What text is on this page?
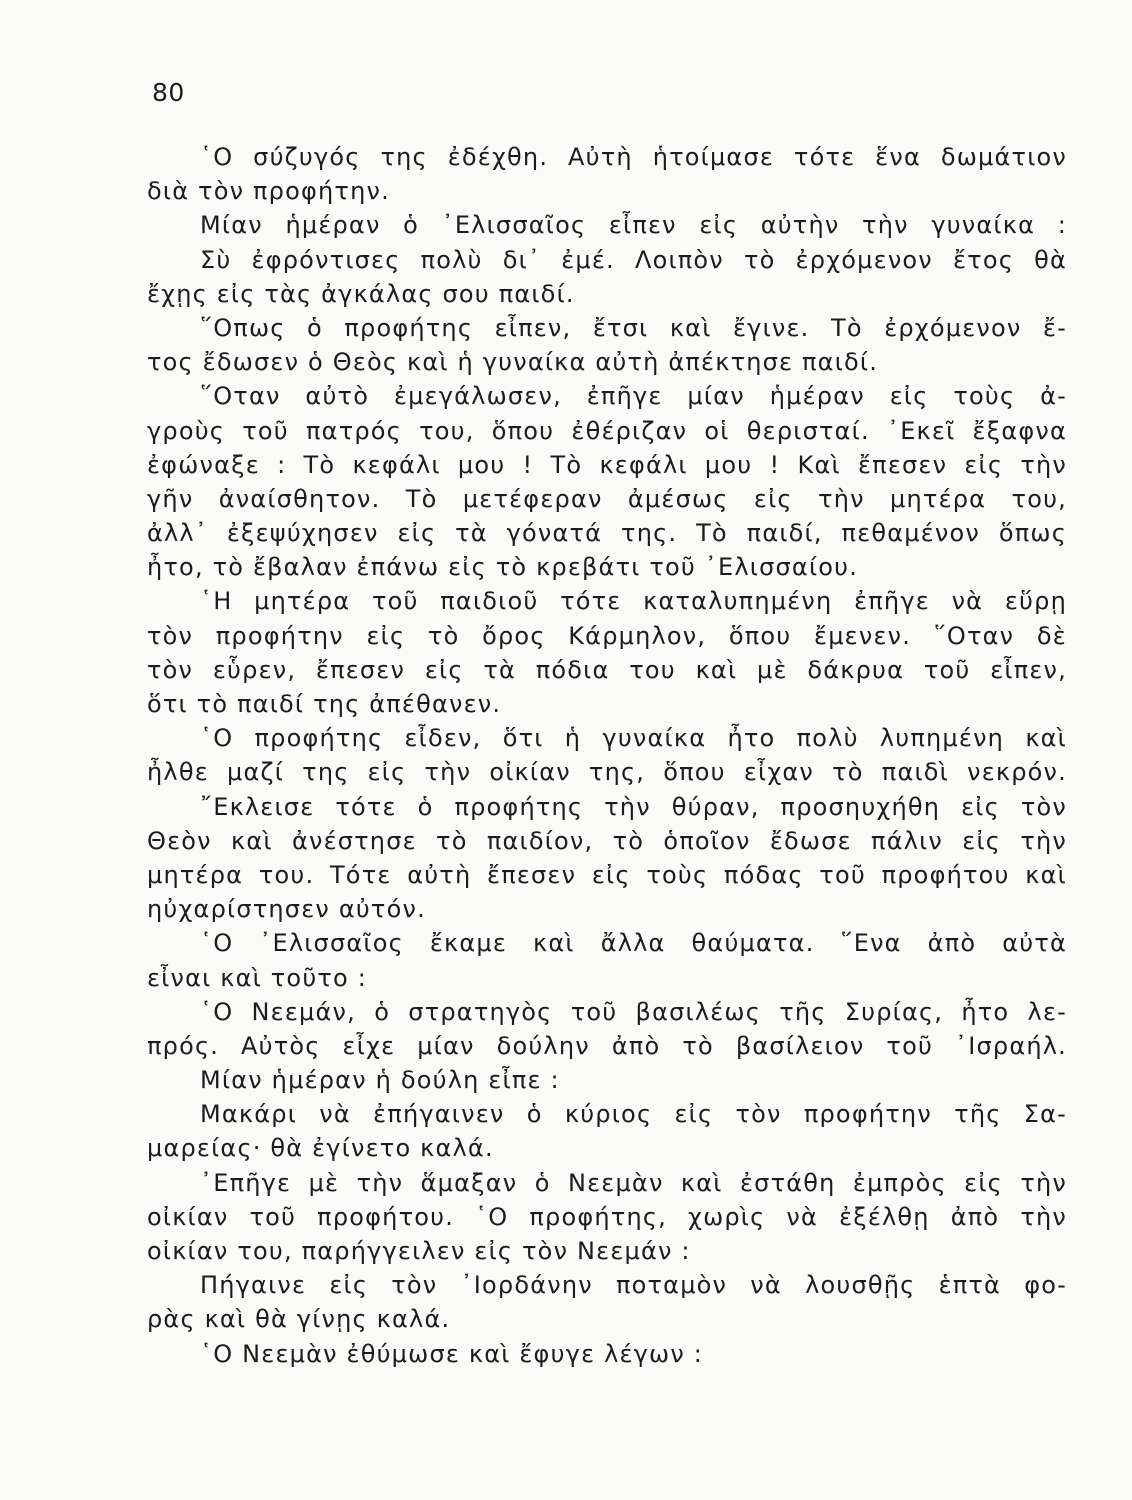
80
῾Ο σύζυγός της ἐδέχθη. Αὐτὴ ἡτοίμασε τότε ἕνα δωμάτιον
διὰ τὸν προφήτην.
Μίαν ἡμέραν ὁ ᾽Ελισσαῖος εἶπεν εἰς αὐτὴν τὴν γυναίκα :
Σὺ ἐφρόντισες πολὺ δι᾽ ἐμέ. Λοιπὸν τὸ ἐρχόμενον ἔτος θὰ
ἔχῃς εἰς τὰς ἀγκάλας σου παιδί.
῞Οπως ὁ προφήτης εἶπεν, ἔτσι καὶ ἔγινε. Τὸ ἐρχόμενον ἔ-
τος ἔδωσεν ὁ Θεὸς καὶ ἡ γυναίκα αὐτὴ ἀπέκτησε παιδί.
῞Οταν αὐτὸ ἐμεγάλωσεν, ἐπῆγε μίαν ἡμέραν εἰς τοὺς ἀ-
γροὺς τοῦ πατρός του, ὅπου ἐθέριζαν οἱ θερισταί. ᾽Εκεῖ ἔξαφνα
ἐφώναξε : Τὸ κεφάλι μου ! Τὸ κεφάλι μου ! Καὶ ἔπεσεν εἰς τὴν
γῆν ἀναίσθητον. Τὸ μετέφεραν ἀμέσως εἰς τὴν μητέρα του,
ἀλλ᾽ ἐξεψύχησεν εἰς τὰ γόνατά της. Τὸ παιδί, πεθαμένον ὅπως
ἦτο, τὸ ἔβαλαν ἐπάνω εἰς τὸ κρεβάτι τοῦ ᾽Ελισσαίου.
῾Η μητέρα τοῦ παιδιοῦ τότε καταλυπημένη ἐπῆγε νὰ εὕρῃ
τὸν προφήτην εἰς τὸ ὄρος Κάρμηλον, ὅπου ἔμενεν. ῞Οταν δὲ
τὸν εὗρεν, ἔπεσεν εἰς τὰ πόδια του καὶ μὲ δάκρυα τοῦ εἶπεν,
ὅτι τὸ παιδί της ἀπέθανεν.
῾Ο προφήτης εἶδεν, ὅτι ἡ γυναίκα ἦτο πολὺ λυπημένη καὶ
ἦλθε μαζί της εἰς τὴν οἰκίαν της, ὅπου εἶχαν τὸ παιδὶ νεκρόν.
῎Εκλεισε τότε ὁ προφήτης τὴν θύραν, προσηυχήθη εἰς τὸν
Θεὸν καὶ ἀνέστησε τὸ παιδίον, τὸ ὁποῖον ἔδωσε πάλιν εἰς τὴν
μητέρα του. Τότε αὐτὴ ἔπεσεν εἰς τοὺς πόδας τοῦ προφήτου καὶ
ηὐχαρίστησεν αὐτόν.
῾Ο ᾽Ελισσαῖος ἔκαμε καὶ ἄλλα θαύματα. ῞Ενα ἀπὸ αὐτὰ
εἶναι καὶ τοῦτο :
῾Ο Νεεμάν, ὁ στρατηγὸς τοῦ βασιλέως τῆς Συρίας, ἦτο λε-
πρός. Αὐτὸς εἶχε μίαν δούλην ἀπὸ τὸ βασίλειον τοῦ ᾽Ισραήλ.
Μίαν ἡμέραν ἡ δούλη εἶπε :
Μακάρι νὰ ἐπήγαινεν ὁ κύριος εἰς τὸν προφήτην τῆς Σα-
μαρείας· θὰ ἐγίνετο καλά.
᾽Επῆγε μὲ τὴν ἅμαξαν ὁ Νεεμὰν καὶ ἐστάθη ἐμπρὸς εἰς τὴν
οἰκίαν τοῦ προφήτου. ῾Ο προφήτης, χωρὶς νὰ ἐξέλθῃ ἀπὸ τὴν
οἰκίαν του, παρήγγειλεν εἰς τὸν Νεεμάν :
Πήγαινε εἰς τὸν ᾽Ιορδάνην ποταμὸν νὰ λουσθῇς ἑπτὰ φο-
ρὰς καὶ θὰ γίνῃς καλά.
῾Ο Νεεμὰν ἐθύμωσε καὶ ἔφυγε λέγων :
